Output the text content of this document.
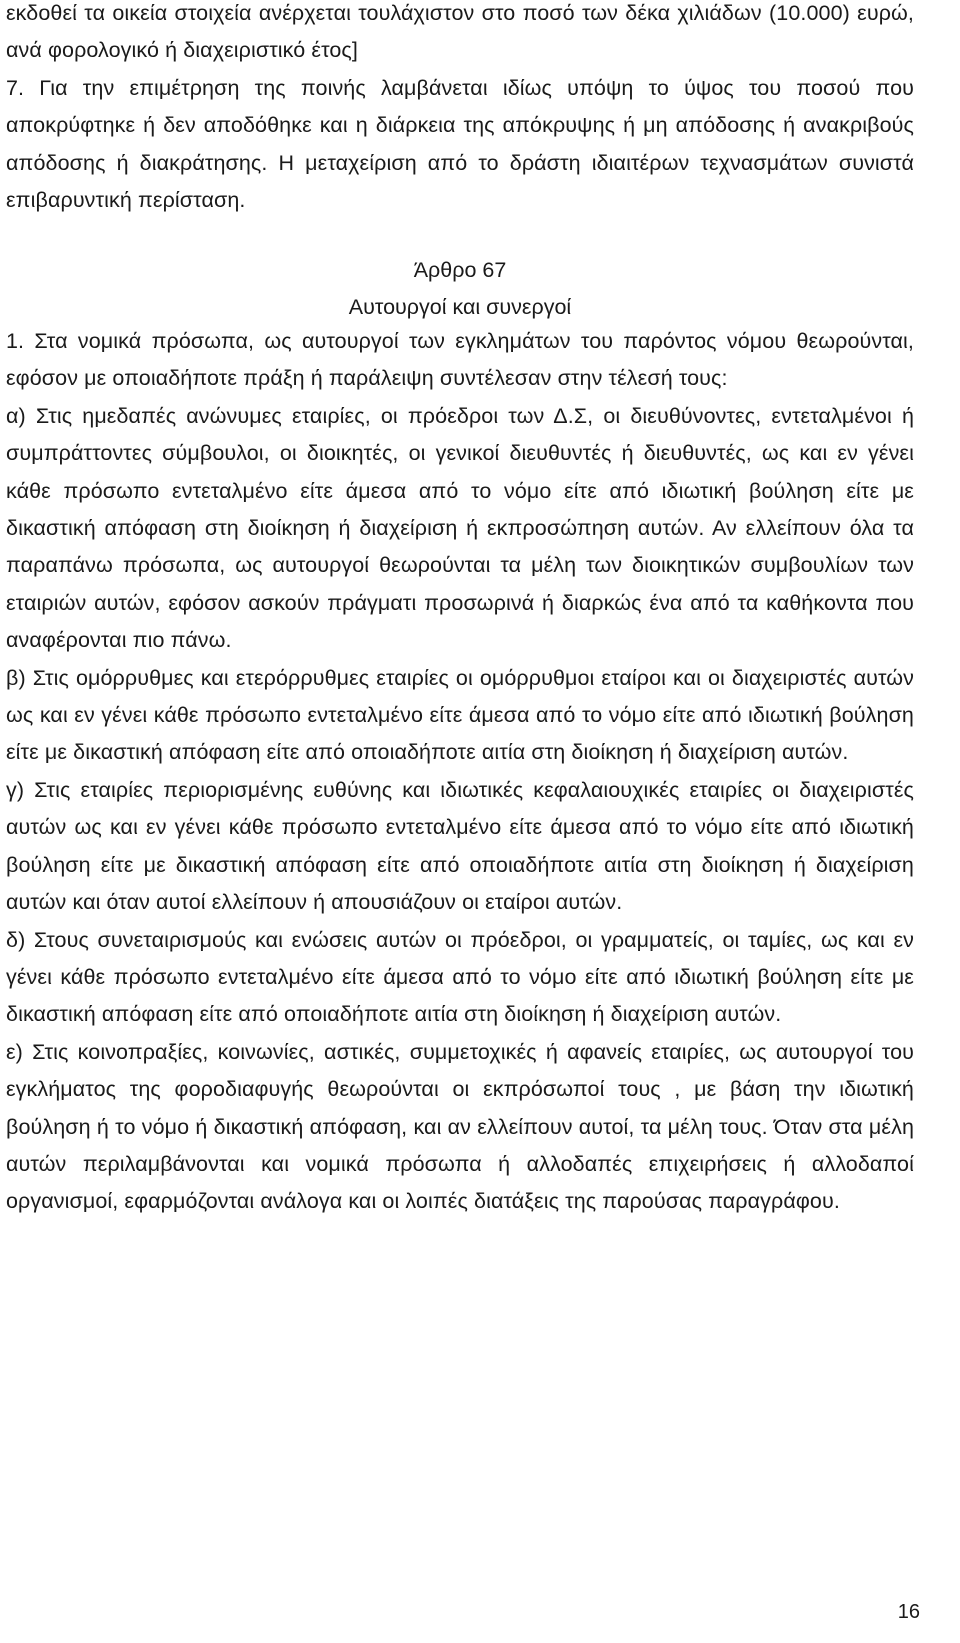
εκδοθεί τα οικεία στοιχεία ανέρχεται τουλάχιστον στο ποσό των δέκα χιλιάδων (10.000) ευρώ, ανά φορολογικό ή διαχειριστικό έτος]

7. Για την επιμέτρηση της ποινής λαμβάνεται ιδίως υπόψη το ύψος του ποσού που αποκρύφτηκε ή δεν αποδόθηκε και η διάρκεια της απόκρυψης ή μη απόδοσης ή ανακριβούς απόδοσης ή διακράτησης. Η μεταχείριση από το δράστη ιδιαιτέρων τεχνασμάτων συνιστά επιβαρυντική περίσταση.

Άρθρο 67

Αυτουργοί και συνεργοί

1. Στα νομικά πρόσωπα, ως αυτουργοί των εγκλημάτων του παρόντος νόμου θεωρούνται, εφόσον με οποιαδήποτε πράξη ή παράλειψη συντέλεσαν στην τέλεσή τους:

α) Στις ημεδαπές ανώνυμες εταιρίες, οι πρόεδροι των Δ.Σ, οι διευθύνοντες, εντεταλμένοι ή συμπράττοντες σύμβουλοι, οι διοικητές, οι γενικοί διευθυντές ή διευθυντές, ως και εν γένει κάθε πρόσωπο εντεταλμένο είτε άμεσα από το νόμο είτε από ιδιωτική βούληση είτε με δικαστική απόφαση στη διοίκηση ή διαχείριση ή εκπροσώπηση αυτών. Αν ελλείπουν όλα τα παραπάνω πρόσωπα, ως αυτουργοί θεωρούνται τα μέλη των διοικητικών συμβουλίων των εταιριών αυτών, εφόσον ασκούν πράγματι προσωρινά ή διαρκώς ένα από τα καθήκοντα που αναφέρονται πιο πάνω.

β) Στις ομόρρυθμες και ετερόρρυθμες εταιρίες οι ομόρρυθμοι εταίροι και οι διαχειριστές αυτών ως και εν γένει κάθε πρόσωπο εντεταλμένο είτε άμεσα από το νόμο είτε από ιδιωτική βούληση είτε με δικαστική απόφαση είτε από οποιαδήποτε αιτία στη διοίκηση ή διαχείριση αυτών.

γ) Στις εταιρίες περιορισμένης ευθύνης και ιδιωτικές κεφαλαιουχικές εταιρίες οι διαχειριστές αυτών ως και εν γένει κάθε πρόσωπο εντεταλμένο είτε άμεσα από το νόμο είτε από ιδιωτική βούληση είτε με δικαστική απόφαση είτε από οποιαδήποτε αιτία στη διοίκηση ή διαχείριση αυτών και όταν αυτοί ελλείπουν ή απουσιάζουν οι εταίροι αυτών.

δ) Στους συνεταιρισμούς και ενώσεις αυτών οι πρόεδροι, οι γραμματείς, οι ταμίες, ως και εν γένει κάθε πρόσωπο εντεταλμένο είτε άμεσα από το νόμο είτε από ιδιωτική βούληση είτε με δικαστική απόφαση είτε από οποιαδήποτε αιτία στη διοίκηση ή διαχείριση αυτών.

ε) Στις κοινοπραξίες, κοινωνίες, αστικές, συμμετοχικές ή αφανείς εταιρίες, ως αυτουργοί του εγκλήματος της φοροδιαφυγής θεωρούνται οι εκπρόσωποί τους , με βάση την ιδιωτική βούληση ή το νόμο ή δικαστική απόφαση, και αν ελλείπουν αυτοί, τα μέλη τους. Όταν στα μέλη αυτών περιλαμβάνονται και νομικά πρόσωπα ή αλλοδαπές επιχειρήσεις ή αλλοδαποί οργανισμοί, εφαρμόζονται ανάλογα και οι λοιπές διατάξεις της παρούσας παραγράφου.

16
